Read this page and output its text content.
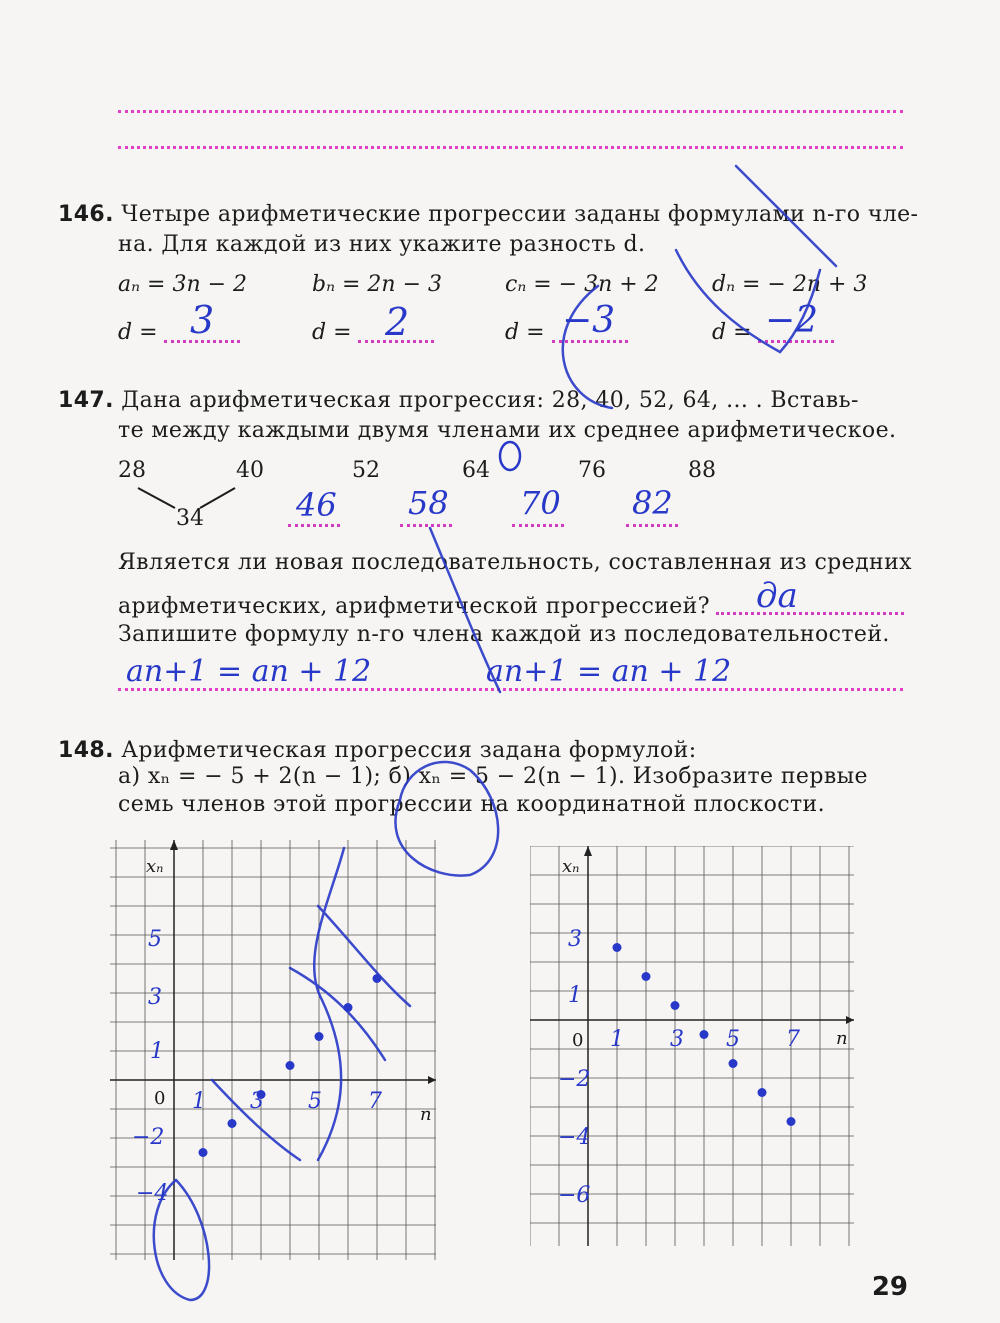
146. Четыре арифметические прогрессии заданы формулами n-го чле-
на. Для каждой из них укажите разность d.
aₙ = 3n − 2	bₙ = 2n − 3	cₙ = − 3n + 2 dₙ = − 2n + 3
d = 3	d = 2	d = −3	d = −2
147. Дана арифметическая прогрессия: 28, 40, 52, 64, ... . Вставь-
те между каждыми двумя членами их среднее арифметическое.
28	40	52	64	76	88
34	46 58 70 82
Является ли новая последовательность, составленная из средних
арифметических, арифметической прогрессией? да
Запишите формулу n-го члена каждой из последовательностей.
an+1 = an + 12	an+1 = an + 12
148. Арифметическая прогрессия задана формулой:
а) xₙ = − 5 + 2(n − 1); б) xₙ = 5 − 2(n − 1). Изобразите первые
семь членов этой прогрессии на координатной плоскости.
xₙ
n
0 1 3 5 7
5
3
1
−2
−4
xₙ
n
0 1 3 5 7
3
1
−2
−4
−6
29
